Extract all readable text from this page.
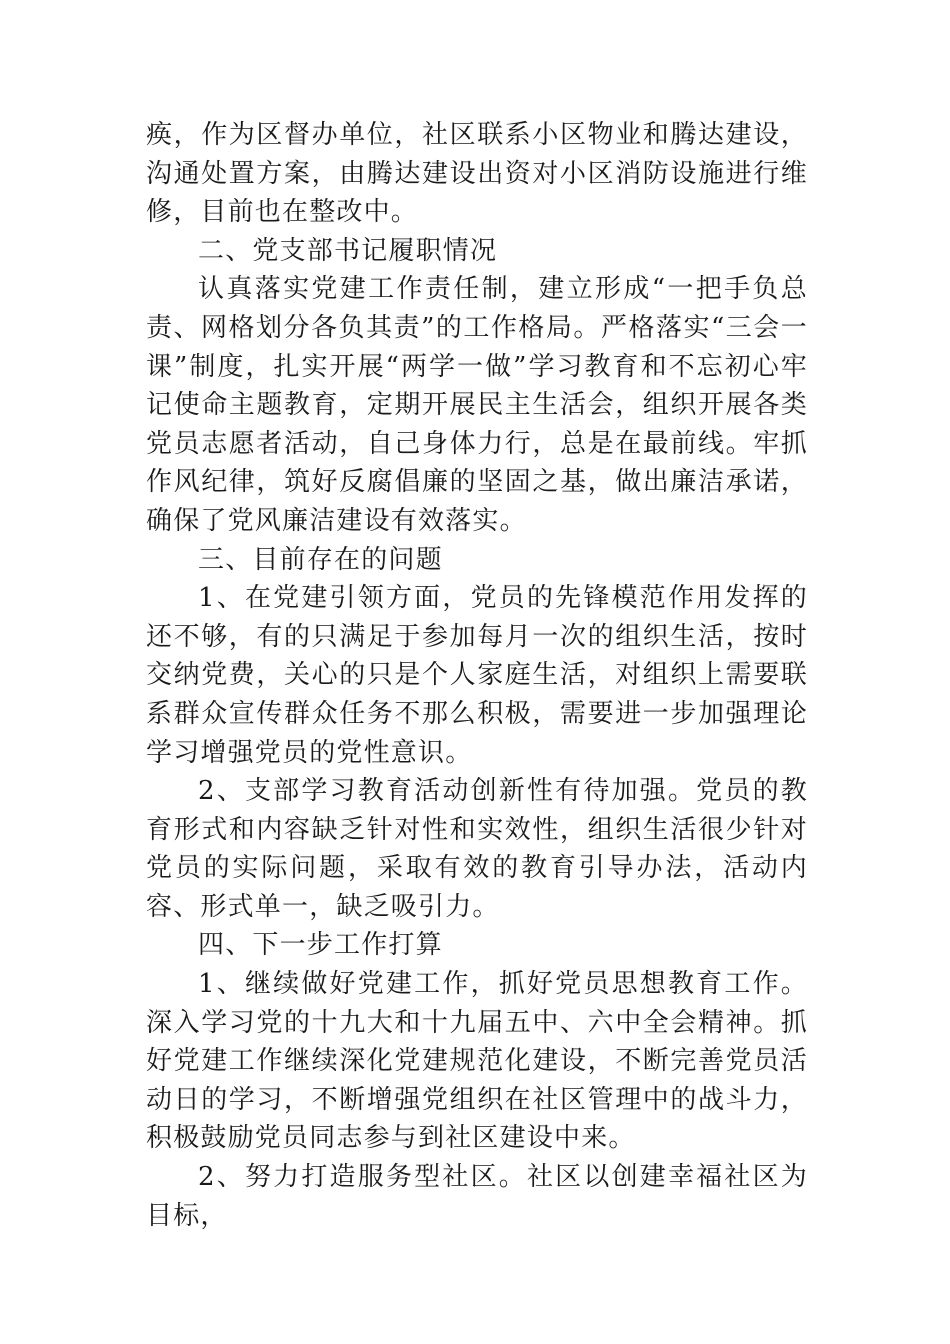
痪，作为区督办单位，社区联系小区物业和腾达建设，沟通处置方案，由腾达建设出资对小区消防设施进行维修，目前也在整改中。

二、党支部书记履职情况

认真落实党建工作责任制，建立形成“一把手负总责、网格划分各负其责”的工作格局。严格落实“三会一课”制度，扎实开展“两学一做”学习教育和不忘初心牢记使命主题教育，定期开展民主生活会，组织开展各类党员志愿者活动，自己身体力行，总是在最前线。牢抓作风纪律，筑好反腐倡廉的坚固之基，做出廉洁承诺，确保了党风廉洁建设有效落实。

三、目前存在的问题

1、在党建引领方面，党员的先锋模范作用发挥的还不够，有的只满足于参加每月一次的组织生活，按时交纳党费，关心的只是个人家庭生活，对组织上需要联系群众宣传群众任务不那么积极，需要进一步加强理论学习增强党员的党性意识。

2、支部学习教育活动创新性有待加强。党员的教育形式和内容缺乏针对性和实效性，组织生活很少针对党员的实际问题，采取有效的教育引导办法，活动内容、形式单一，缺乏吸引力。

四、下一步工作打算

1、继续做好党建工作，抓好党员思想教育工作。深入学习党的十九大和十九届五中、六中全会精神。抓好党建工作继续深化党建规范化建设，不断完善党员活动日的学习，不断增强党组织在社区管理中的战斗力，积极鼓励党员同志参与到社区建设中来。

2、努力打造服务型社区。社区以创建幸福社区为目标，
